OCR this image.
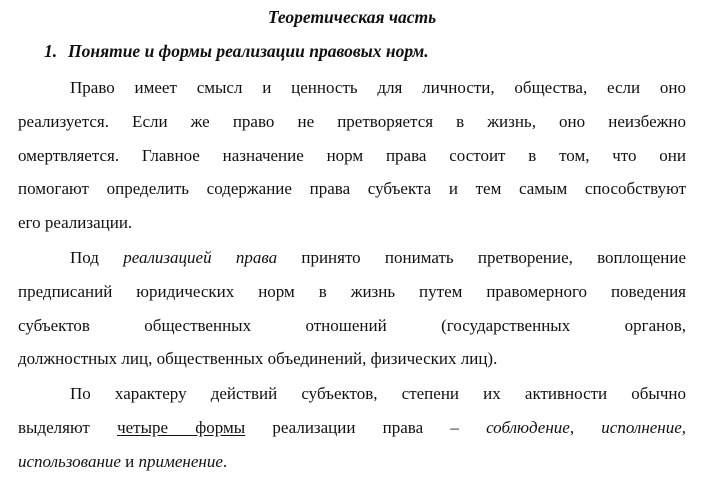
Теоретическая часть
1. Понятие и формы реализации правовых норм.
Право имеет смысл и ценность для личности, общества, если оно
реализуется. Если же право не претворяется в жизнь, оно неизбежно
омертвляется. Главное назначение норм права состоит в том, что они
помогают определить содержание права субъекта и тем самым способствуют
его реализации.
Под реализацией права принято понимать претворение, воплощение
предписаний юридических норм в жизнь путем правомерного поведения
субъектов общественных отношений (государственных органов,
должностных лиц, общественных объединений, физических лиц).
По характеру действий субъектов, степени их активности обычно
выделяют четыре формы реализации права – соблюдение, исполнение,
использование и применение.
